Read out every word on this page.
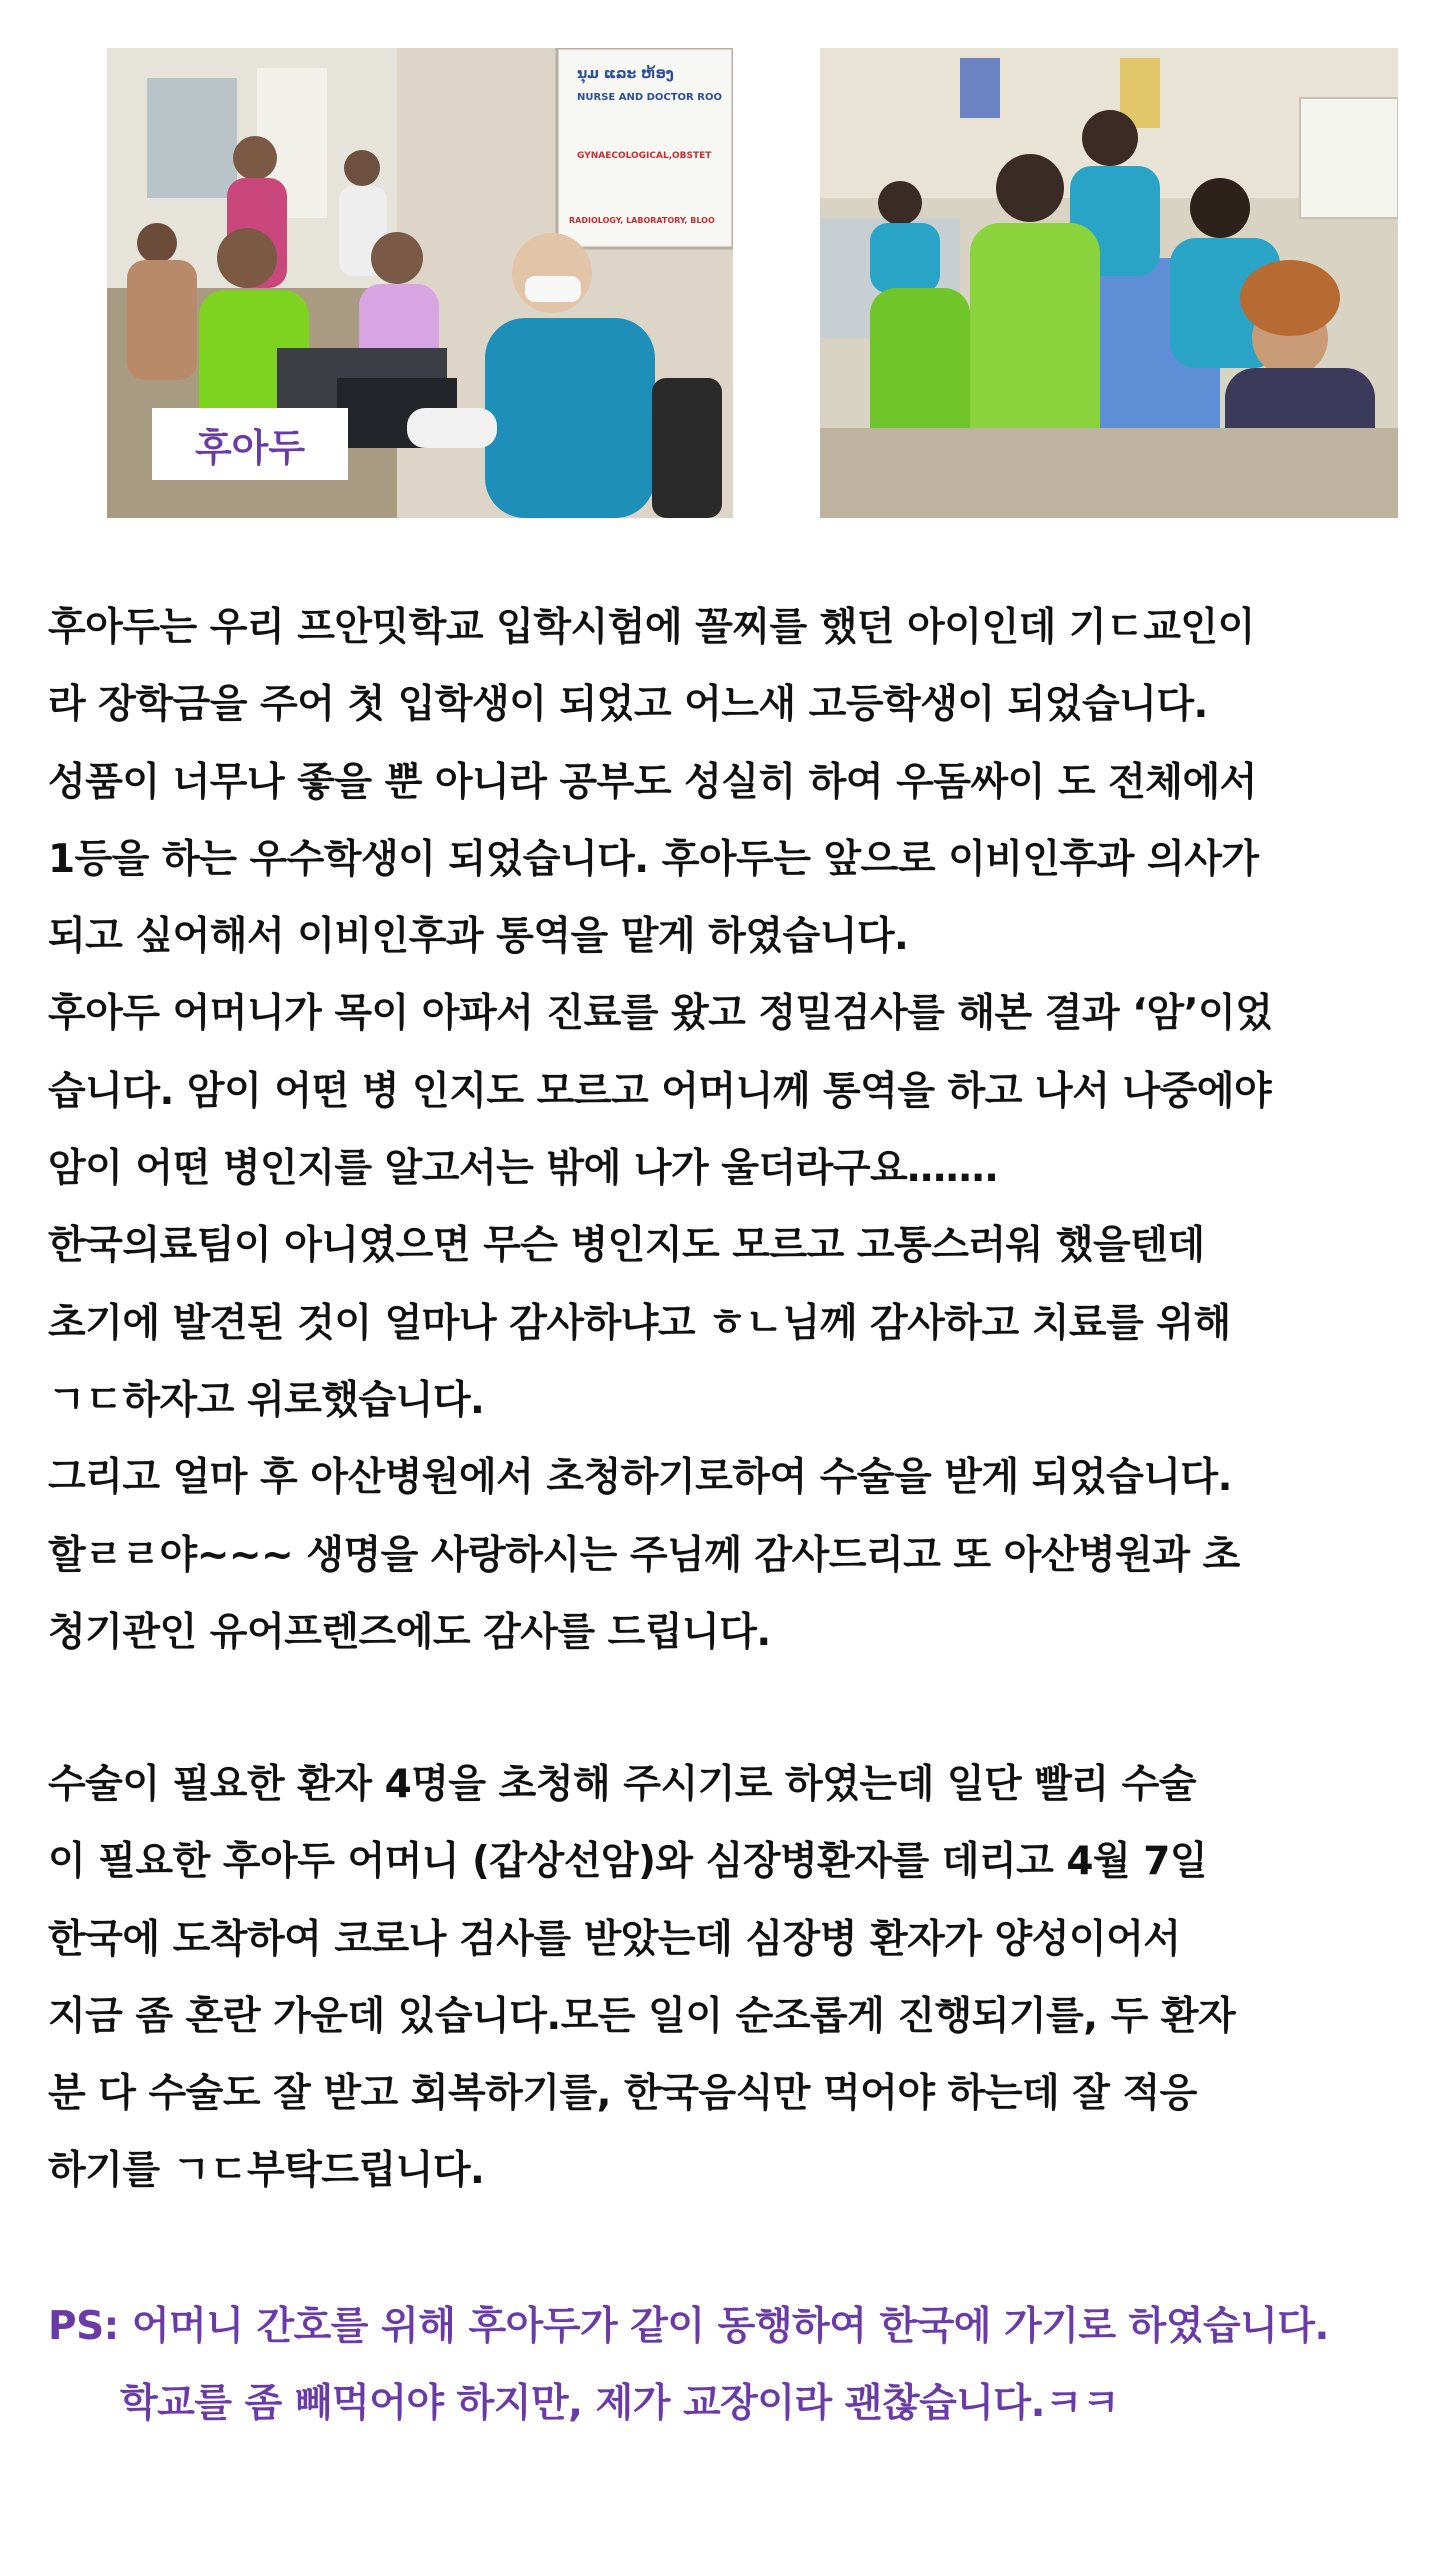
ນຸມ ແລະ ຫ້ອງ
NURSE AND DOCTOR ROO
GYNAECOLOGICAL, OBSTET
RADIOLOGY, LABORATORY, BLOO
후아두
후아두는 우리 프안밋학교 입학시험에 꼴찌를 했던 아이인데 기ㄷ교인이
라 장학금을 주어 첫 입학생이 되었고 어느새 고등학생이 되었습니다.
성품이 너무나 좋을 뿐 아니라 공부도 성실히 하여 우돔싸이 도 전체에서
1등을 하는 우수학생이 되었습니다. 후아두는 앞으로 이비인후과 의사가
되고 싶어해서 이비인후과 통역을 맡게 하였습니다.
후아두 어머니가 목이 아파서 진료를 왔고 정밀검사를 해본 결과 ‘암’이었
습니다. 암이 어떤 병 인지도 모르고 어머니께 통역을 하고 나서 나중에야
암이 어떤 병인지를 알고서는 밖에 나가 울더라구요…….
한국의료팀이 아니였으면 무슨 병인지도 모르고 고통스러워 했을텐데
초기에 발견된 것이 얼마나 감사하냐고 ㅎㄴ님께 감사하고 치료를 위해
ㄱㄷ하자고 위로했습니다.
그리고 얼마 후 아산병원에서 초청하기로하여 수술을 받게 되었습니다.
할ㄹㄹ야~~~ 생명을 사랑하시는 주님께 감사드리고 또 아산병원과 초
청기관인 유어프렌즈에도 감사를 드립니다.
수술이 필요한 환자 4명을 초청해 주시기로 하였는데 일단 빨리 수술
이 필요한 후아두 어머니 (갑상선암)와 심장병환자를 데리고 4월 7일
한국에 도착하여 코로나 검사를 받았는데 심장병 환자가 양성이어서
지금 좀 혼란 가운데 있습니다.모든 일이 순조롭게 진행되기를, 두 환자
분 다 수술도 잘 받고 회복하기를, 한국음식만 먹어야 하는데 잘 적응
하기를 ㄱㄷ부탁드립니다.
PS: 어머니 간호를 위해 후아두가 같이 동행하여 한국에 가기로 하였습니다.
학교를 좀 빼먹어야 하지만, 제가 교장이라 괜찮습니다.ㅋㅋ
